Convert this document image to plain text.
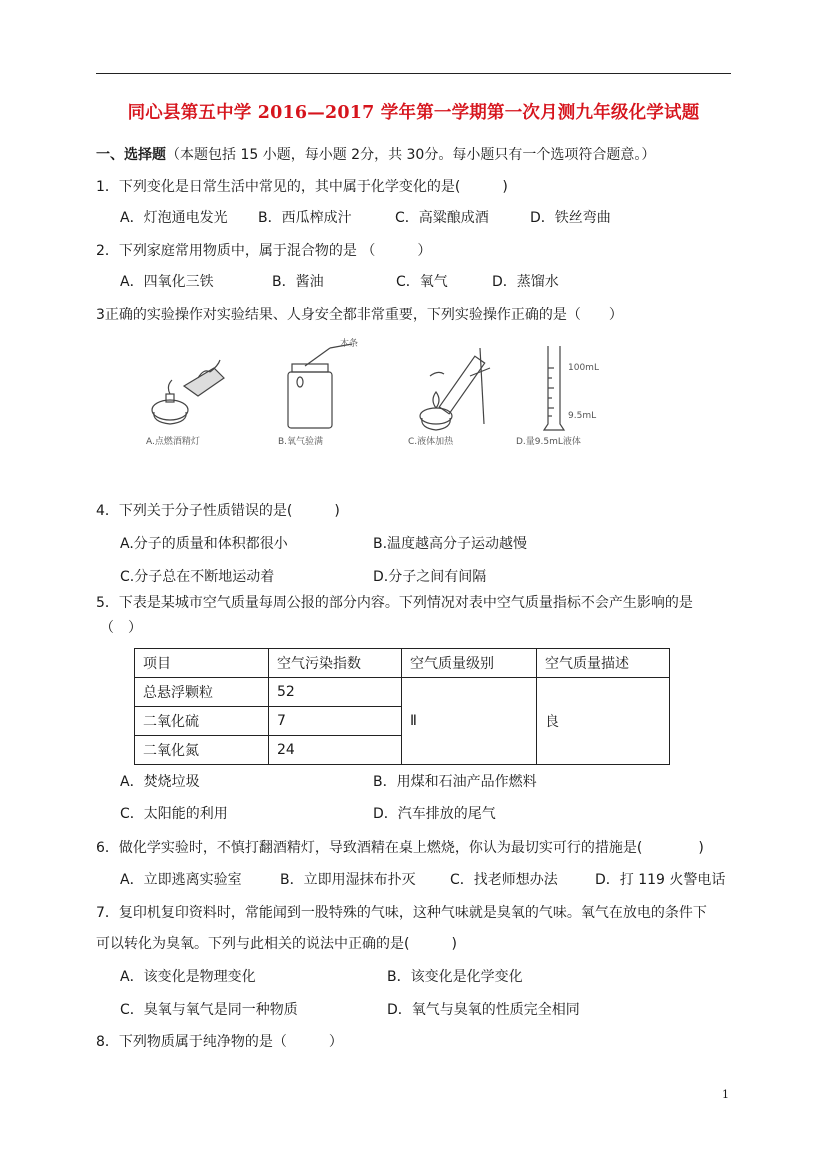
同心县第五中学 2016—2017 学年第一学期第一次月测九年级化学试题
一、选择题（本题包括 15 小题，每小题 2分，共 30分。每小题只有一个选项符合题意。）
1．下列变化是日常生活中常见的，其中属于化学变化的是(　　　)
A．灯泡通电发光 B．西瓜榨成汁	C．高粱酿成酒	D．铁丝弯曲
2．下列家庭常用物质中，属于混合物的是 （　　　）
A．四氧化三铁	B．酱油	C．氧气	D．蒸馏水
3正确的实验操作对实验结果、人身安全都非常重要，下列实验操作正确的是（　　）
A.点燃酒精灯
木条
B.氧气验满	C.液体加热
100mL
9.5mL
D.量9.5mL液体
4．下列关于分子性质错误的是(　　　)
A.分子的质量和体积都很小	B.温度越高分子运动越慢
C.分子总在不断地运动着	D.分子之间有间隔
5．下表是某城市空气质量每周公报的部分内容。下列情况对表中空气质量指标不会产生影响的是
（　）
项目	空气污染指数	空气质量级别	空气质量描述
总悬浮颗粒	52	Ⅱ	良
二氧化硫	7		
二氧化氮	24		
A．焚烧垃圾	B．用煤和石油产品作燃料
C．太阳能的利用	D．汽车排放的尾气
6．做化学实验时，不慎打翻酒精灯，导致酒精在桌上燃烧，你认为最切实可行的措施是(　　　　)
A．立即逃离实验室	B．立即用湿抹布扑灭 C．找老师想办法	D．打 119 火警电话
7．复印机复印资料时，常能闻到一股特殊的气味，这种气味就是臭氧的气味。氧气在放电的条件下
可以转化为臭氧。下列与此相关的说法中正确的是(　　　)
A．该变化是物理变化	B．该变化是化学变化
C．臭氧与氧气是同一种物质	D．氧气与臭氧的性质完全相同
8．下列物质属于纯净物的是（　　　）
1
